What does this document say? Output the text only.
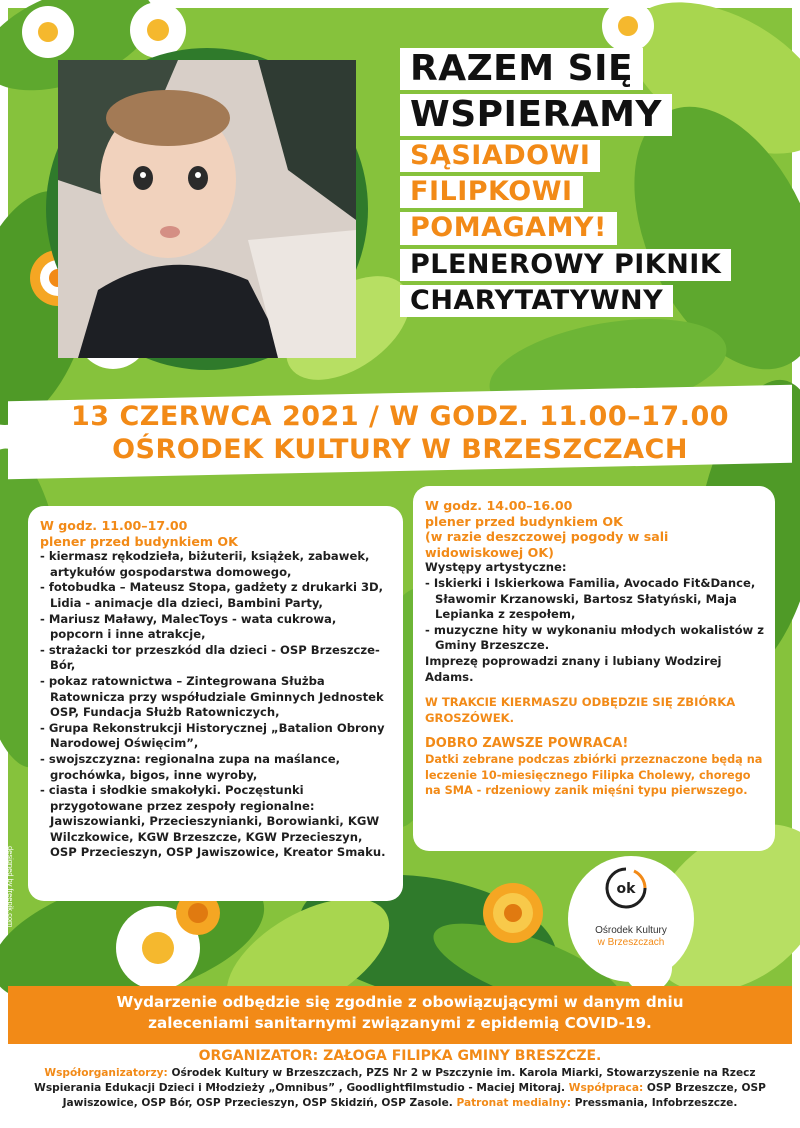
RAZEM SIĘ
WSPIERAMY
SĄSIADOWI
FILIPKOWI
POMAGAMY!
PLENEROWY PIKNIK
CHARYTATYWNY
13 CZERWCA 2021 / W GODZ. 11.00–17.00
OŚRODEK KULTURY W BRZESZCZACH
W godz. 11.00–17.00
plener przed budynkiem OK
- kiermasz rękodzieła, biżuterii, książek, zabawek, artykułów gospodarstwa domowego,
- fotobudka – Mateusz Stopa, gadżety z drukarki 3D, Lidia - animacje dla dzieci, Bambini Party,
- Mariusz Maławy, MalecToys - wata cukrowa, popcorn i inne atrakcje,
- strażacki tor przeszkód dla dzieci - OSP Brzeszcze-Bór,
- pokaz ratownictwa – Zintegrowana Służba Ratownicza przy współudziale Gminnych Jednostek OSP, Fundacja Służb Ratowniczych,
- Grupa Rekonstrukcji Historycznej „Batalion Obrony Narodowej Oświęcim”,
- swojszczyzna: regionalna zupa na maślance, grochówka, bigos, inne wyroby,
- ciasta i słodkie smakołyki. Poczęstunki przygotowane przez zespoły regionalne: Jawiszowianki, Przecieszynianki, Borowianki, KGW Wilczkowice, KGW Brzeszcze, KGW Przecieszyn, OSP Przecieszyn, OSP Jawiszowice, Kreator Smaku.
W godz. 14.00–16.00
plener przed budynkiem OK
(w razie deszczowej pogody w sali widowiskowej OK)
Występy artystyczne:
- Iskierki i Iskierkowa Familia, Avocado Fit&Dance, Sławomir Krzanowski, Bartosz Słatyński, Maja Lepianka z zespołem,
- muzyczne hity w wykonaniu młodych wokalistów z Gminy Brzeszcze.
Imprezę poprowadzi znany i lubiany Wodzirej Adams.
W TRAKCIE KIERMASZU ODBĘDZIE SIĘ ZBIÓRKA GROSZÓWEK.
DOBRO ZAWSZE POWRACA!
Datki zebrane podczas zbiórki przeznaczone będą na leczenie 10-miesięcznego Filipka Cholewy, chorego na SMA - rdzeniowy zanik mięśni typu pierwszego.
ok
Ośrodek Kultury
w Brzeszczach
designed by freepik.com
Wydarzenie odbędzie się zgodnie z obowiązującymi w danym dniu
zaleceniami sanitarnymi związanymi z epidemią COVID-19.
ORGANIZATOR: ZAŁOGA FILIPKA GMINY BRESZCZE.
Współorganizatorzy: Ośrodek Kultury w Brzeszczach, PZS Nr 2 w Pszczynie im. Karola Miarki, Stowarzyszenie na Rzecz Wspierania Edukacji Dzieci i Młodzieży „Omnibus” , Goodlightfilmstudio - Maciej Mitoraj. Współpraca: OSP Brzeszcze, OSP Jawiszowice, OSP Bór, OSP Przecieszyn, OSP Skidziń, OSP Zasole. Patronat medialny: Pressmania, Infobrzeszcze.
